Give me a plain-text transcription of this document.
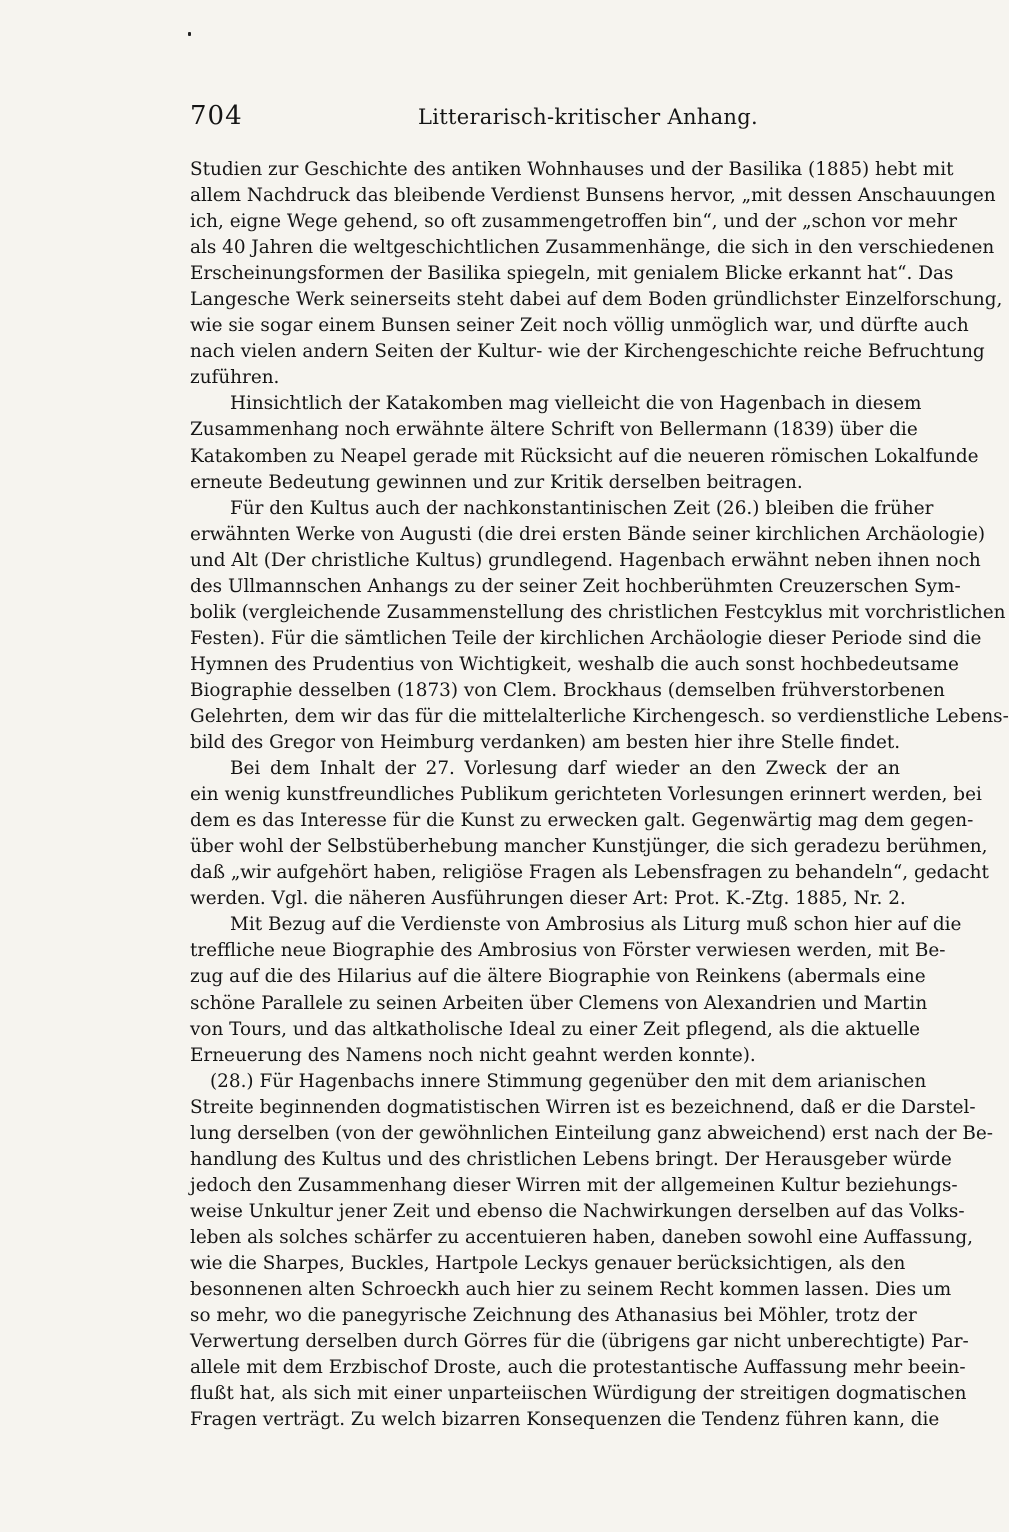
704	Litterarisch-kritischer Anhang.
Studien zur Geschichte des antiken Wohnhauses und der Basilika (1885) hebt mit
allem Nachdruck das bleibende Verdienst Bunsens hervor, „mit dessen Anschauungen
ich, eigne Wege gehend, so oft zusammengetroffen bin“, und der „schon vor mehr
als 40 Jahren die weltgeschichtlichen Zusammenhänge, die sich in den verschiedenen
Erscheinungsformen der Basilika spiegeln, mit genialem Blicke erkannt hat“. Das
Langesche Werk seinerseits steht dabei auf dem Boden gründlichster Einzelforschung,
wie sie sogar einem Bunsen seiner Zeit noch völlig unmöglich war, und dürfte auch
nach vielen andern Seiten der Kultur- wie der Kirchengeschichte reiche Befruchtung
zuführen.
Hinsichtlich der Katakomben mag vielleicht die von Hagenbach in diesem
Zusammenhang noch erwähnte ältere Schrift von Bellermann (1839) über die
Katakomben zu Neapel gerade mit Rücksicht auf die neueren römischen Lokalfunde
erneute Bedeutung gewinnen und zur Kritik derselben beitragen.
Für den Kultus auch der nachkonstantinischen Zeit (26.) bleiben die früher
erwähnten Werke von Augusti (die drei ersten Bände seiner kirchlichen Archäologie)
und Alt (Der christliche Kultus) grundlegend. Hagenbach erwähnt neben ihnen noch
des Ullmannschen Anhangs zu der seiner Zeit hochberühmten Creuzerschen Sym-
bolik (vergleichende Zusammenstellung des christlichen Festcyklus mit vorchristlichen
Festen). Für die sämtlichen Teile der kirchlichen Archäologie dieser Periode sind die
Hymnen des Prudentius von Wichtigkeit, weshalb die auch sonst hochbedeutsame
Biographie desselben (1873) von Clem. Brockhaus (demselben frühverstorbenen
Gelehrten, dem wir das für die mittelalterliche Kirchengesch. so verdienstliche Lebens-
bild des Gregor von Heimburg verdanken) am besten hier ihre Stelle findet.
Bei dem Inhalt der 27. Vorlesung darf wieder an den Zweck der an
ein wenig kunstfreundliches Publikum gerichteten Vorlesungen erinnert werden, bei
dem es das Interesse für die Kunst zu erwecken galt. Gegenwärtig mag dem gegen-
über wohl der Selbstüberhebung mancher Kunstjünger, die sich geradezu berühmen,
daß „wir aufgehört haben, religiöse Fragen als Lebensfragen zu behandeln“, gedacht
werden. Vgl. die näheren Ausführungen dieser Art: Prot. K.-Ztg. 1885, Nr. 2.
Mit Bezug auf die Verdienste von Ambrosius als Liturg muß schon hier auf die
treffliche neue Biographie des Ambrosius von Förster verwiesen werden, mit Be-
zug auf die des Hilarius auf die ältere Biographie von Reinkens (abermals eine
schöne Parallele zu seinen Arbeiten über Clemens von Alexandrien und Martin
von Tours, und das altkatholische Ideal zu einer Zeit pflegend, als die aktuelle
Erneuerung des Namens noch nicht geahnt werden konnte).
(28.) Für Hagenbachs innere Stimmung gegenüber den mit dem arianischen
Streite beginnenden dogmatistischen Wirren ist es bezeichnend, daß er die Darstel-
lung derselben (von der gewöhnlichen Einteilung ganz abweichend) erst nach der Be-
handlung des Kultus und des christlichen Lebens bringt. Der Herausgeber würde
jedoch den Zusammenhang dieser Wirren mit der allgemeinen Kultur beziehungs-
weise Unkultur jener Zeit und ebenso die Nachwirkungen derselben auf das Volks-
leben als solches schärfer zu accentuieren haben, daneben sowohl eine Auffassung,
wie die Sharpes, Buckles, Hartpole Leckys genauer berücksichtigen, als den
besonnenen alten Schroeckh auch hier zu seinem Recht kommen lassen. Dies um
so mehr, wo die panegyrische Zeichnung des Athanasius bei Möhler, trotz der
Verwertung derselben durch Görres für die (übrigens gar nicht unberechtigte) Par-
allele mit dem Erzbischof Droste, auch die protestantische Auffassung mehr beein-
flußt hat, als sich mit einer unparteiischen Würdigung der streitigen dogmatischen
Fragen verträgt. Zu welch bizarren Konsequenzen die Tendenz führen kann, die
